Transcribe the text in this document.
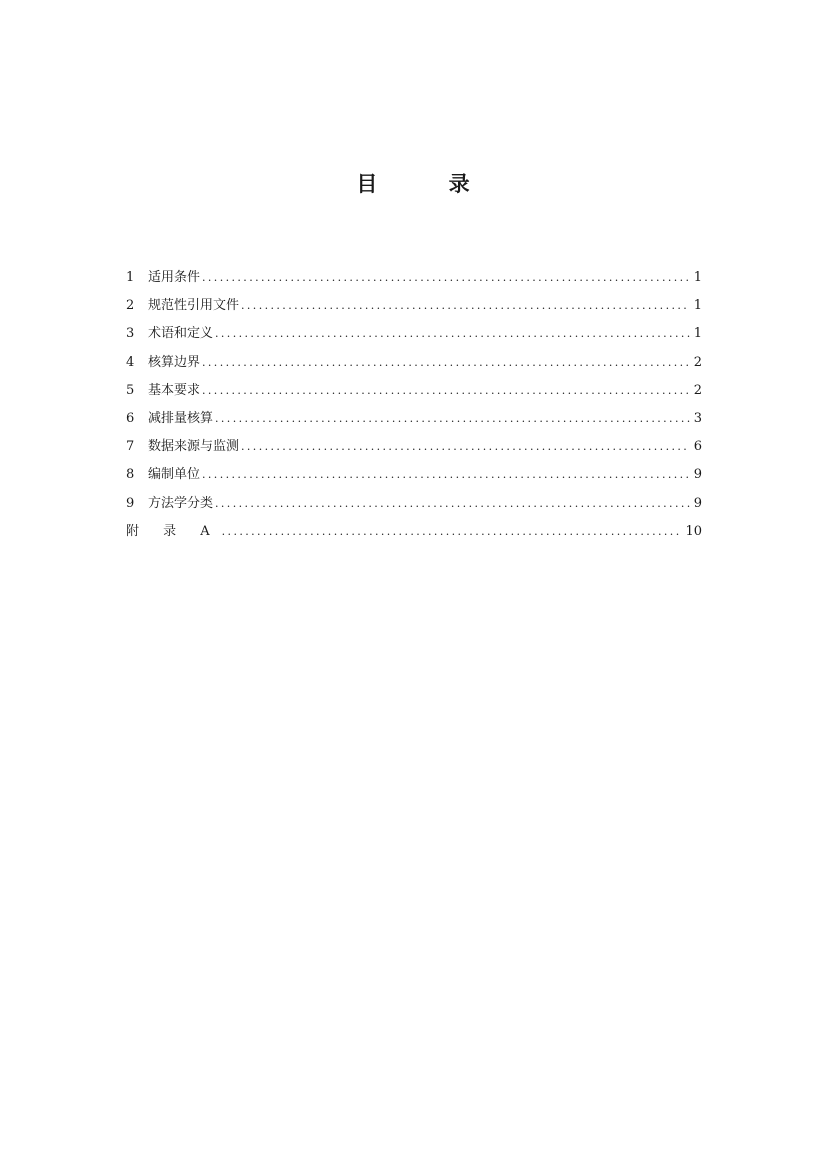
目 录
1	适用条件 .....	1
2	规范性引用文件 .....	1
3	术语和定义 .....	1
4	核算边界 .....	2
5	基本要求 .....	2
6	减排量核算 .....	3
7	数据来源与监测 .....	6
8	编制单位 .....	9
9	方法学分类 .....	9
附 录 A .....	10
